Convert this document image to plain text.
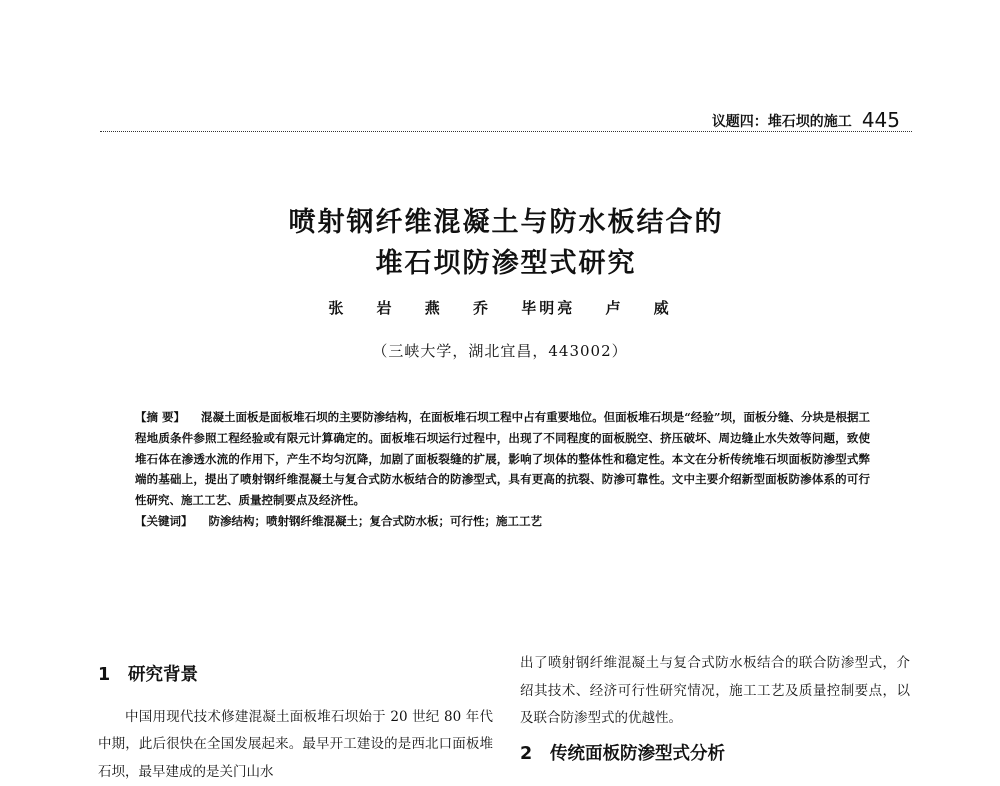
议题四：堆石坝的施工 445
喷射钢纤维混凝土与防水板结合的
堆石坝防渗型式研究
张 岩 燕 乔 毕明亮 卢 威
（三峡大学，湖北宜昌，443002）

【摘 要】 混凝土面板是面板堆石坝的主要防渗结构，在面板堆石坝工程中占有重要地位。但面板堆石坝是“经验”坝，面板分缝、分块是根据工程地质条件参照工程经验或有限元计算确定的。面板堆石坝运行过程中，出现了不同程度的面板脱空、挤压破坏、周边缝止水失效等问题，致使堆石体在渗透水流的作用下，产生不均匀沉降，加剧了面板裂缝的扩展，影响了坝体的整体性和稳定性。本文在分析传统堆石坝面板防渗型式弊端的基础上，提出了喷射钢纤维混凝土与复合式防水板结合的防渗型式，具有更高的抗裂、防渗可靠性。文中主要介绍新型面板防渗体系的可行性研究、施工工艺、质量控制要点及经济性。

【关键词】 防渗结构；喷射钢纤维混凝土；复合式防水板；可行性；施工工艺

1 研究背景

中国用现代技术修建混凝土面板堆石坝始于 20 世纪 80 年代中期，此后很快在全国发展起来。最早开工建设的是西北口面板堆石坝，最早建成的是关门山水

出了喷射钢纤维混凝土与复合式防水板结合的联合防渗型式，介绍其技术、经济可行性研究情况，施工工艺及质量控制要点，以及联合防渗型式的优越性。

2 传统面板防渗型式分析
